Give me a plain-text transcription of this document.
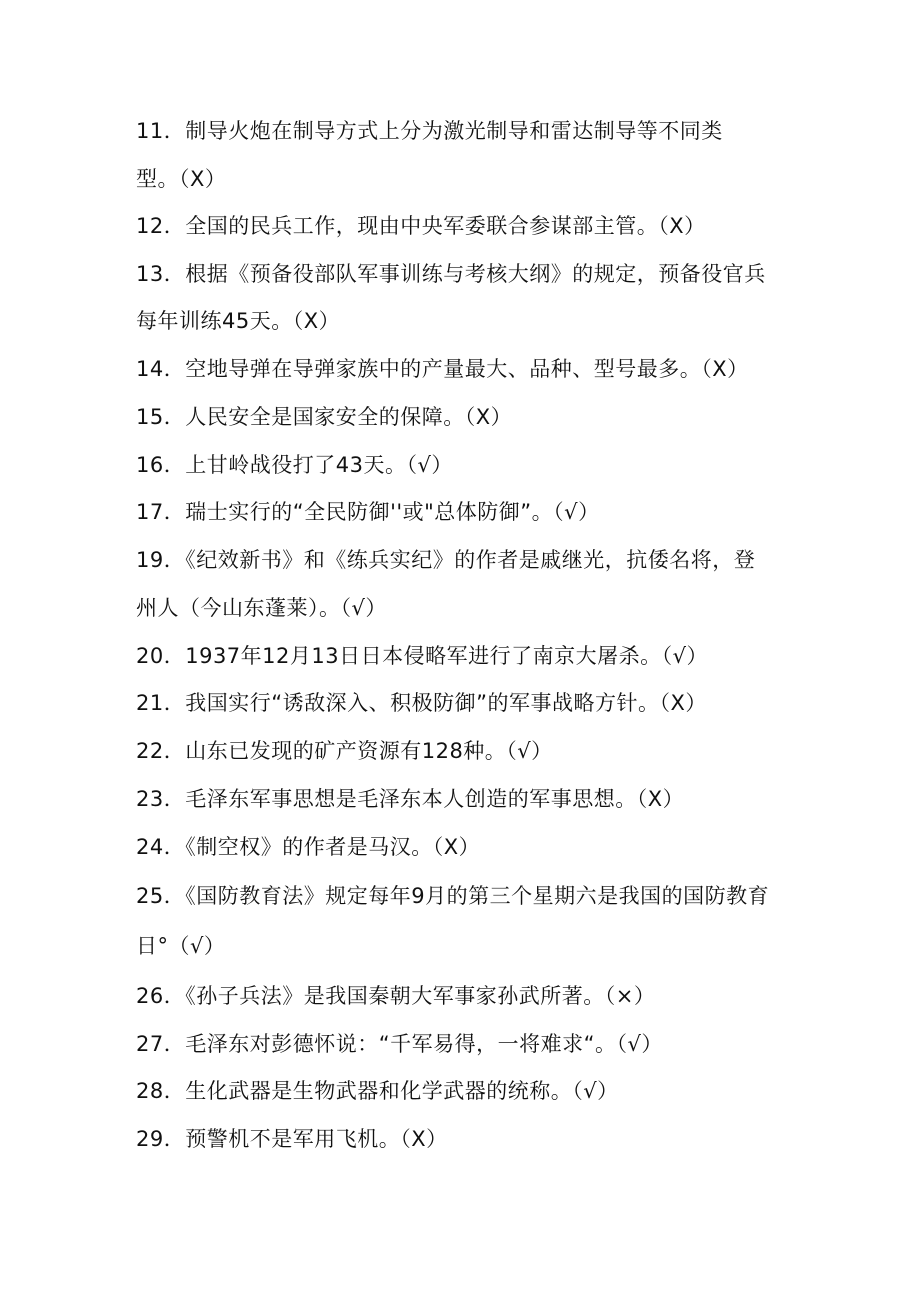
11．制导火炮在制导方式上分为激光制导和雷达制导等不同类
型。（X）
12．全国的民兵工作，现由中央军委联合参谋部主管。（X）
13．根据《预备役部队军事训练与考核大纲》的规定，预备役官兵
每年训练45天。（X）
14．空地导弹在导弹家族中的产量最大、品种、型号最多。（X）
15．人民安全是国家安全的保障。（X）
16．上甘岭战役打了43天。（√）
17．瑞士实行的“全民防御''或"总体防御”。（√）
19．《纪效新书》和《练兵实纪》的作者是戚继光，抗倭名将，登
州人（今山东蓬莱）。（√）
20．1937年12月13日日本侵略军进行了南京大屠杀。（√）
21．我国实行“诱敌深入、积极防御”的军事战略方针。（X）
22．山东已发现的矿产资源有128种。（√）
23．毛泽东军事思想是毛泽东本人创造的军事思想。（X）
24．《制空权》的作者是马汉。（X）
25．《国防教育法》规定每年9月的第三个星期六是我国的国防教育
日°（√）
26．《孙子兵法》是我国秦朝大军事家孙武所著。（×）
27．毛泽东对彭德怀说：“千军易得，一将难求“。（√）
28．生化武器是生物武器和化学武器的统称。（√）
29．预警机不是军用飞机。（X）
